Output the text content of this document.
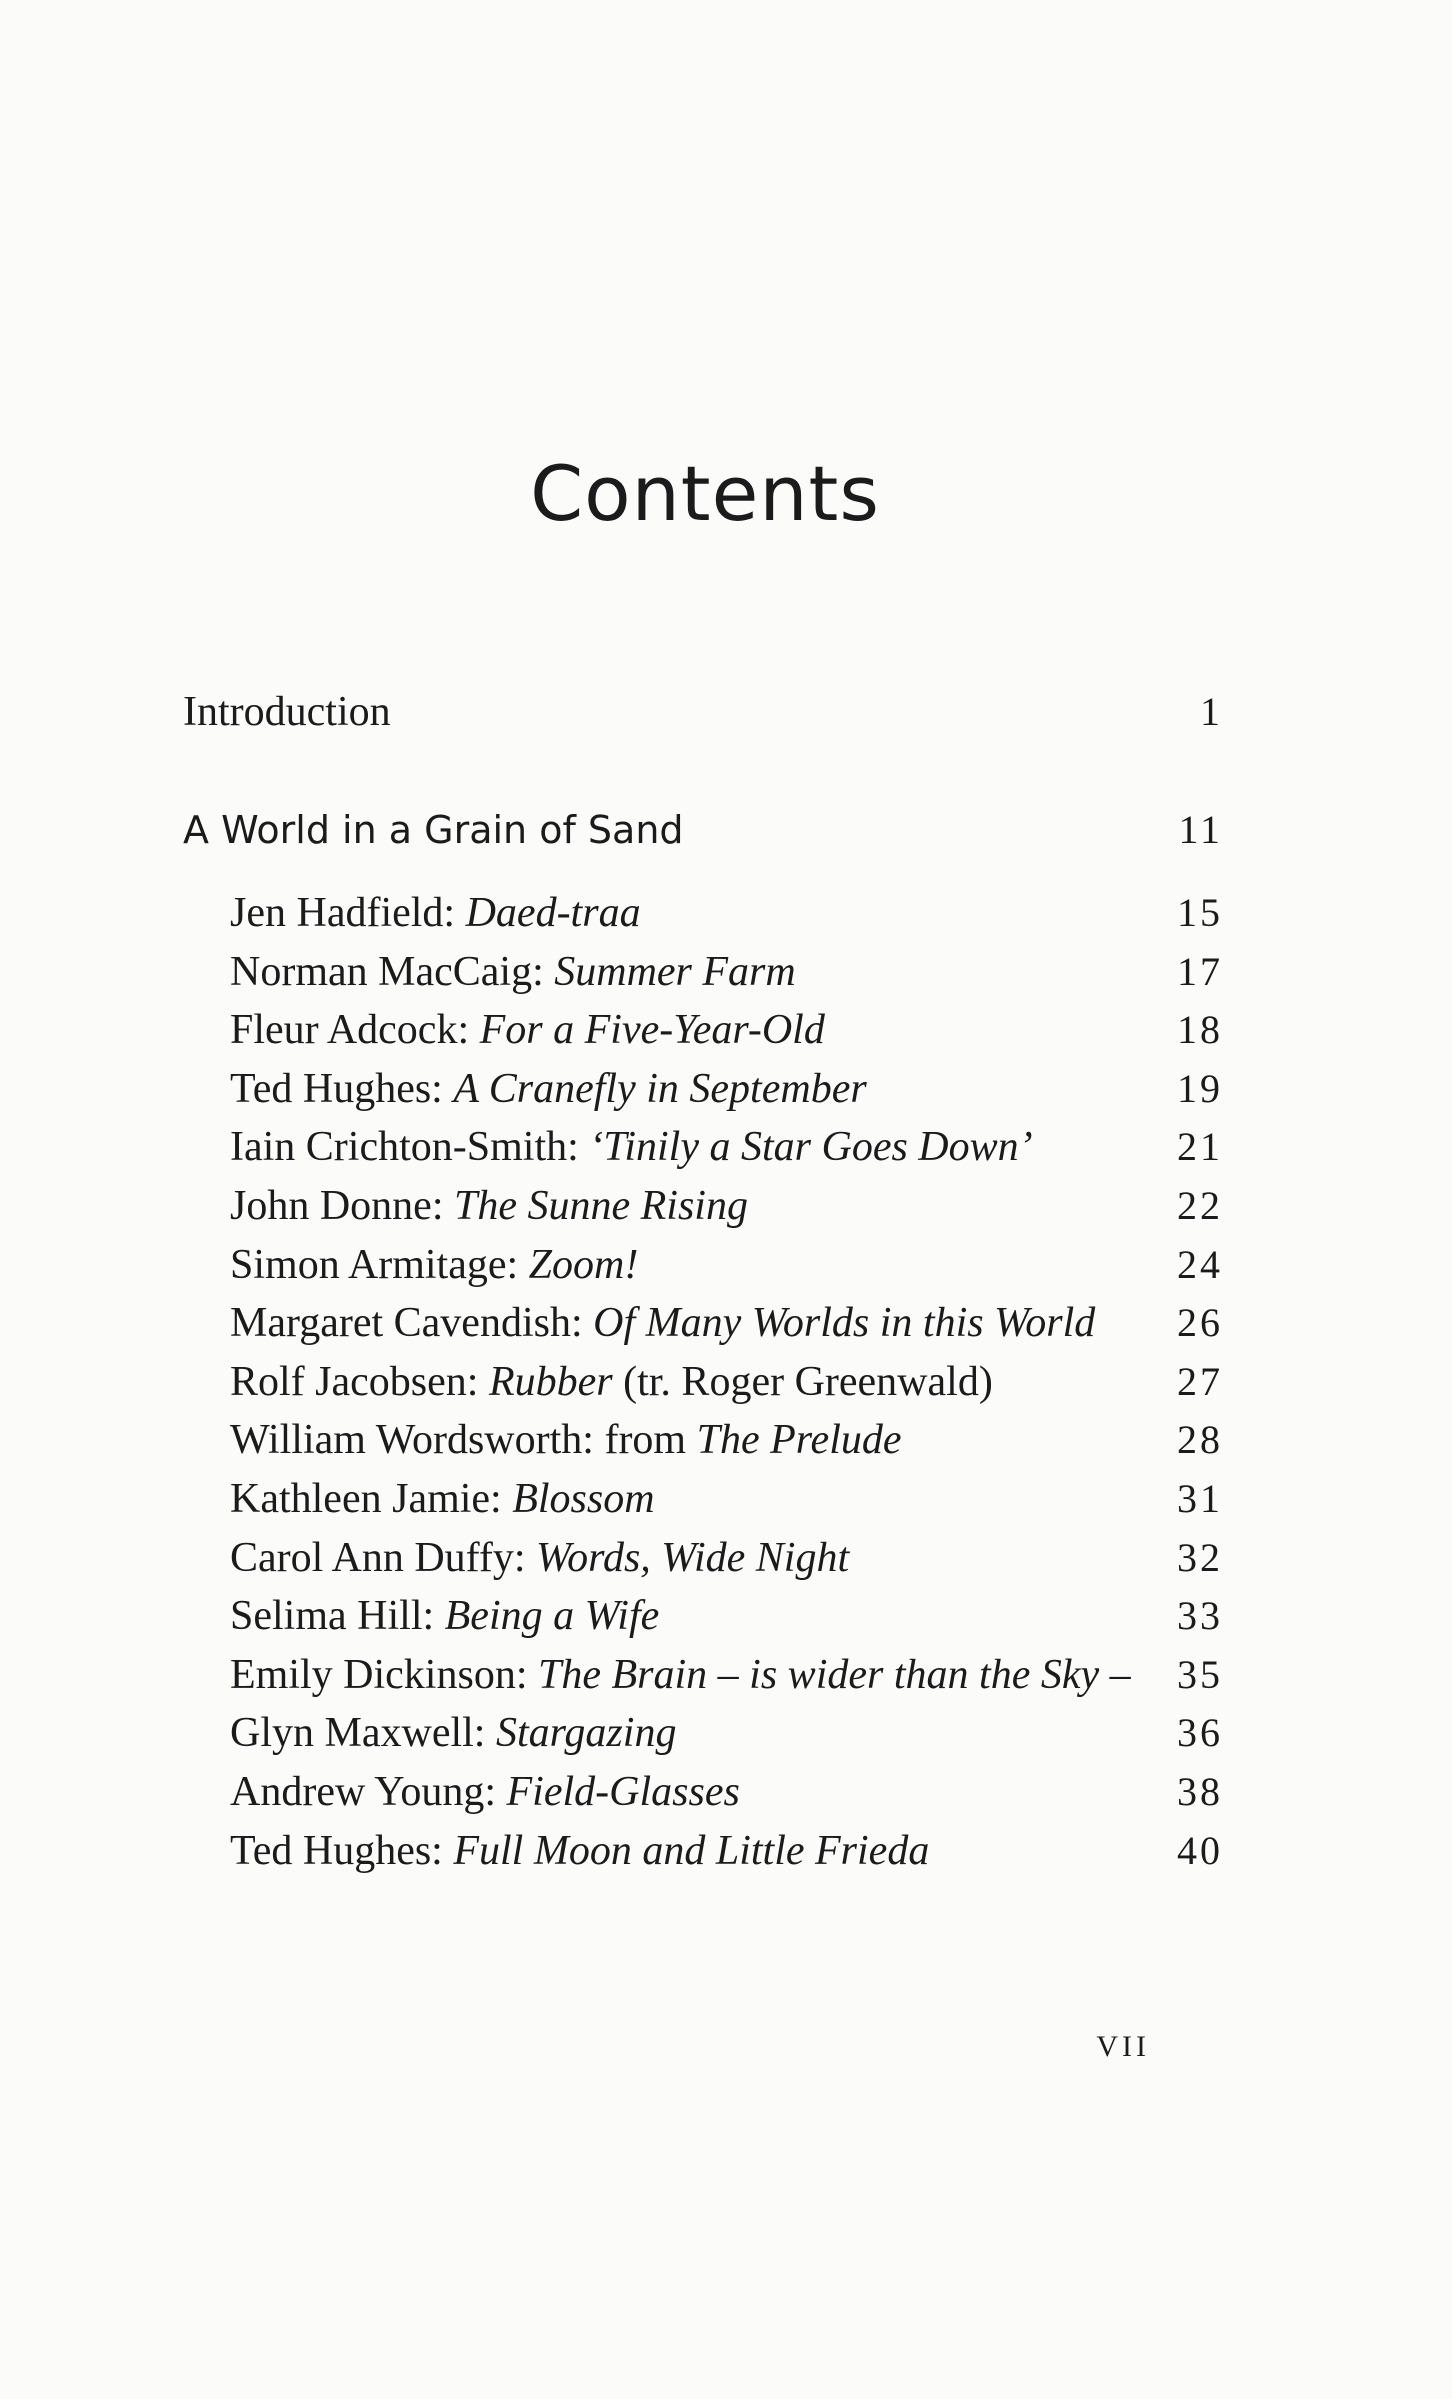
Contents
Introduction	1
A World in a Grain of Sand	11
Jen Hadfield: Daed-traa	15
Norman MacCaig: Summer Farm	17
Fleur Adcock: For a Five-Year-Old	18
Ted Hughes: A Cranefly in September	19
Iain Crichton-Smith: ‘Tinily a Star Goes Down’	21
John Donne: The Sunne Rising	22
Simon Armitage: Zoom!	24
Margaret Cavendish: Of Many Worlds in this World 26
Rolf Jacobsen: Rubber (tr. Roger Greenwald)	27
William Wordsworth: from The Prelude	28
Kathleen Jamie: Blossom	31
Carol Ann Duffy: Words, Wide Night	32
Selima Hill: Being a Wife	33
Emily Dickinson: The Brain – is wider than the Sky – 35
Glyn Maxwell: Stargazing	36
Andrew Young: Field-Glasses	38
Ted Hughes: Full Moon and Little Frieda	40
VII
